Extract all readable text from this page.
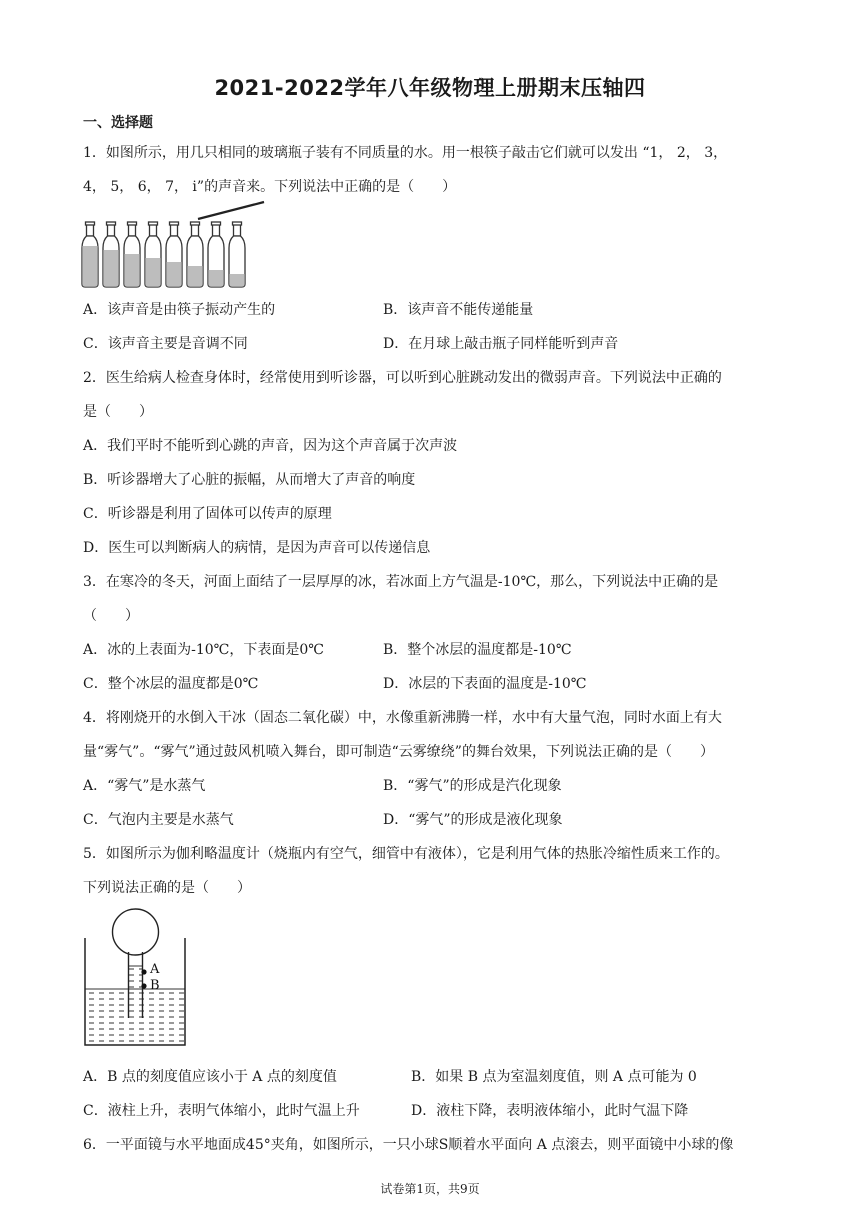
2021-2022学年八年级物理上册期末压轴四
一、选择题
1．如图所示，用几只相同的玻璃瓶子装有不同质量的水。用一根筷子敲击它们就可以发出 “1， 2， 3，
4， 5， 6， 7， i”的声音来。下列说法中正确的是（　　）
A．该声音是由筷子振动产生的	B．该声音不能传递能量
C．该声音主要是音调不同	D．在月球上敲击瓶子同样能听到声音
2．医生给病人检查身体时，经常使用到听诊器，可以听到心脏跳动发出的微弱声音。下列说法中正确的
是（　　）
A．我们平时不能听到心跳的声音，因为这个声音属于次声波
B．听诊器增大了心脏的振幅，从而增大了声音的响度
C．听诊器是利用了固体可以传声的原理
D．医生可以判断病人的病情，是因为声音可以传递信息
3．在寒冷的冬天，河面上面结了一层厚厚的冰，若冰面上方气温是-10℃，那么，下列说法中正确的是
（　　）
A．冰的上表面为-10℃，下表面是0℃	B．整个冰层的温度都是-10℃
C．整个冰层的温度都是0℃	D．冰层的下表面的温度是-10℃
4．将刚烧开的水倒入干冰（固态二氧化碳）中，水像重新沸腾一样，水中有大量气泡，同时水面上有大
量“雾气”。“雾气”通过鼓风机喷入舞台，即可制造“云雾缭绕”的舞台效果，下列说法正确的是（　　）
A．“雾气”是水蒸气	B．“雾气”的形成是汽化现象
C．气泡内主要是水蒸气	D．“雾气”的形成是液化现象
5．如图所示为伽利略温度计（烧瓶内有空气，细管中有液体），它是利用气体的热胀冷缩性质来工作的。
下列说法正确的是（　　）
A
B
A．B 点的刻度值应该小于 A 点的刻度值	B．如果 B 点为室温刻度值，则 A 点可能为 0
C．液柱上升，表明气体缩小，此时气温上升	D．液柱下降，表明液体缩小，此时气温下降
6．一平面镜与水平地面成45°夹角，如图所示，一只小球S顺着水平面向 A 点滚去，则平面镜中小球的像
试卷第1页，共9页
